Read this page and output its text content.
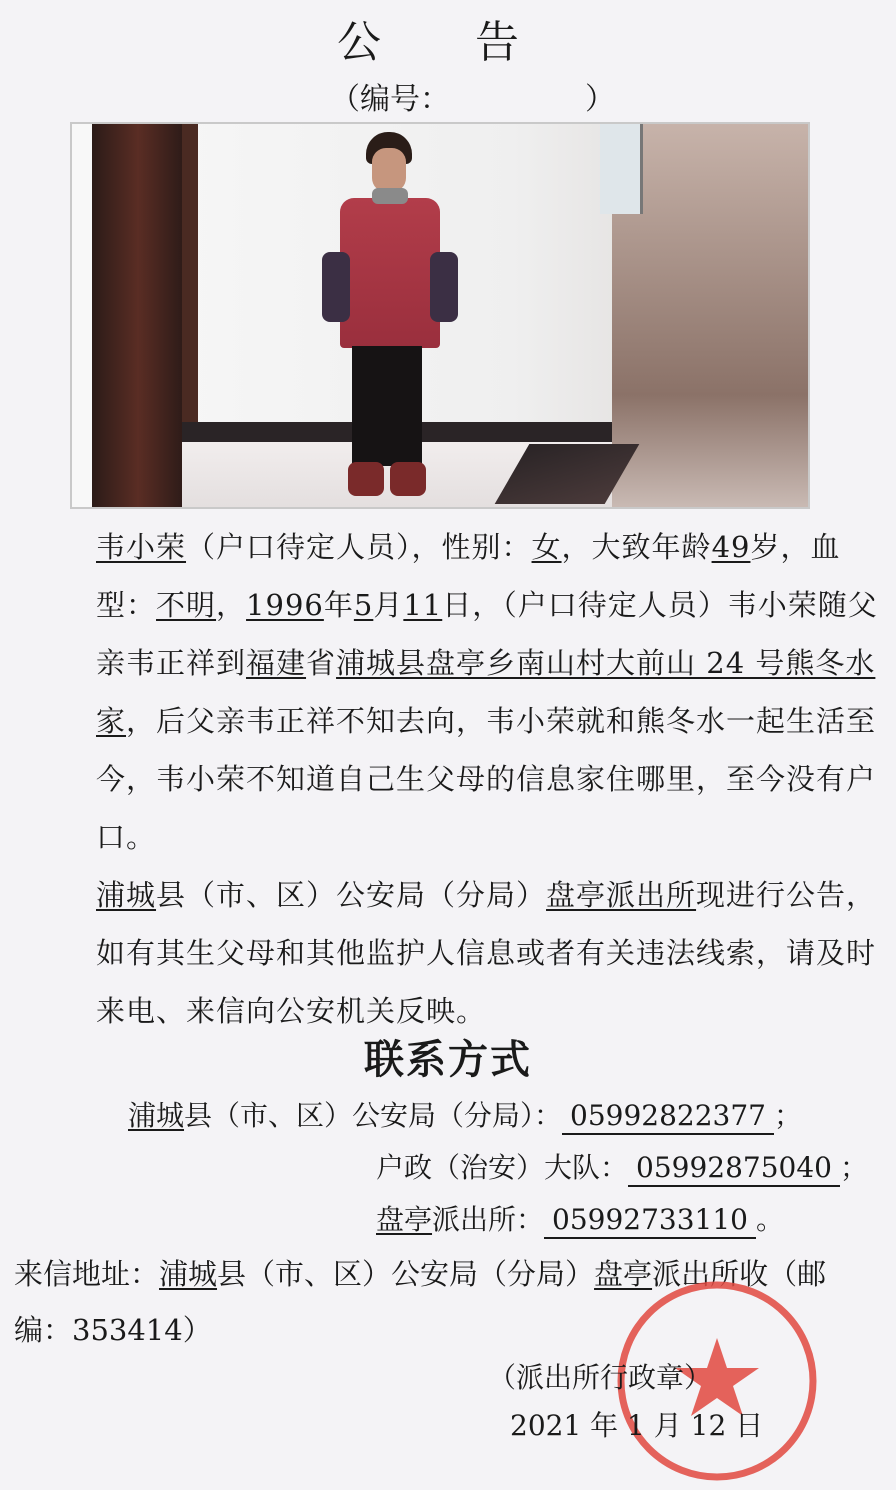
公 告
（编号：　　　　　）

韦小荣（户口待定人员），性别：女，大致年龄49岁，血型：不明，1996年5月11日，（户口待定人员）韦小荣随父亲韦正祥到福建省浦城县盘亭乡南山村大前山 24 号熊冬水家，后父亲韦正祥不知去向，韦小荣就和熊冬水一起生活至今，韦小荣不知道自己生父母的信息家住哪里，至今没有户口。

浦城县（市、区）公安局（分局）盘亭派出所现进行公告，如有其生父母和其他监护人信息或者有关违法线索，请及时来电、来信向公安机关反映。

联系方式
浦城县（市、区）公安局（分局）： 05992822377 ；
户政（治安）大队： 05992875040 ；
盘亭派出所： 05992733110 。
来信地址：浦城县（市、区）公安局（分局）盘亭派出所收（邮编：353414）
（派出所行政章）
2021 年 1 月 12 日
